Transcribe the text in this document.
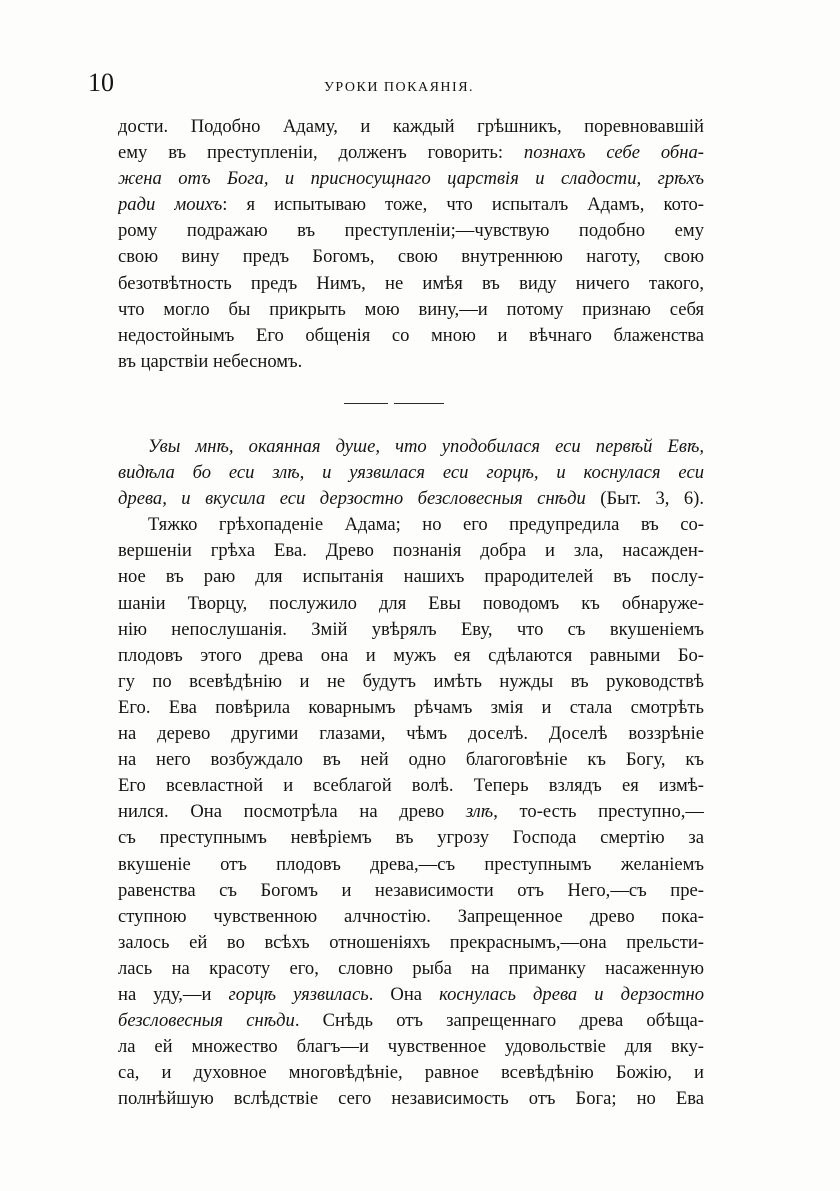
10	УРОКИ ПОКАЯНІЯ.
дости. Подобно Адаму, и каждый грѣшникъ, поревновавшій
ему въ преступленіи, долженъ говорить: познахъ себе обна-
жена отъ Бога, и присносущнаго царствія и сладости, грѣхъ
ради моихъ: я испытываю тоже, что испыталъ Адамъ, кото-
рому подражаю въ преступленіи;—чувствую подобно ему
свою вину предъ Богомъ, свою внутреннюю наготу, свою
безотвѣтность предъ Нимъ, не имѣя въ виду ничего такого,
что могло бы прикрыть мою вину,—и потому признаю себя
недостойнымъ Его общенія со мною и вѣчнаго блаженства
въ царствіи небесномъ.
Увы мнѣ, окаянная душе, что уподобилася еси первѣй Евѣ,
видѣла бо еси злѣ, и уязвилася еси горцѣ, и коснулася еси
древа, и вкусила еси дерзостно безсловесныя снѣди (Быт. 3, 6).
Тяжко грѣхопаденіе Адама; но его предупредила въ со-
вершеніи грѣха Ева. Древо познанія добра и зла, насажден-
ное въ раю для испытанія нашихъ прародителей въ послу-
шаніи Творцу, послужило для Евы поводомъ къ обнаруже-
нію непослушанія. Змій увѣрялъ Еву, что съ вкушеніемъ
плодовъ этого древа она и мужъ ея сдѣлаются равными Бо-
гу по всевѣдѣнію и не будутъ имѣть нужды въ руководствѣ
Его. Ева повѣрила коварнымъ рѣчамъ змія и стала смотрѣть
на дерево другими глазами, чѣмъ доселѣ. Доселѣ воззрѣніе
на него возбуждало въ ней одно благоговѣніе къ Богу, къ
Его всевластной и всеблагой волѣ. Теперь взлядъ ея измѣ-
нился. Она посмотрѣла на древо злѣ, то-есть преступно,—
съ преступнымъ невѣріемъ въ угрозу Господа смертію за
вкушеніе отъ плодовъ древа,—съ преступнымъ желаніемъ
равенства съ Богомъ и независимости отъ Него,—съ пре-
ступною чувственною алчностію. Запрещенное древо пока-
залось ей во всѣхъ отношеніяхъ прекраснымъ,—она прельсти-
лась на красоту его, словно рыба на приманку насаженную
на уду,—и горцѣ уязвилась. Она коснулась древа и дерзостно
безсловесныя снѣди. Снѣдь отъ запрещеннаго древа обѣща-
ла ей множество благъ—и чувственное удовольствіе для вку-
са, и духовное многовѣдѣніе, равное всевѣдѣнію Божію, и
полнѣйшую вслѣдствіе сего независимость отъ Бога; но Ева
